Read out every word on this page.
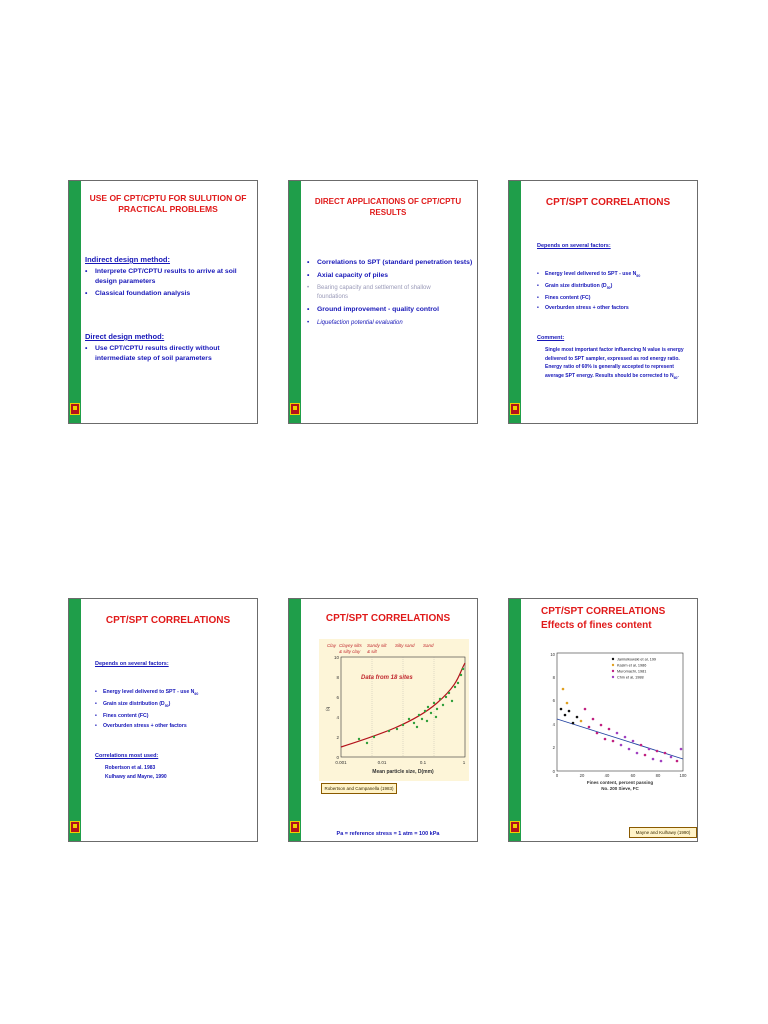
USE OF CPT/CPTU FOR SULUTION OF
PRACTICAL PROBLEMS
Indirect design method:
• Interprete CPT/CPTU results to arrive at soil
design parameters
• Classical foundation analysis
Direct design method:
• Use CPT/CPTU results directly without
intermediate step of soil parameters
DIRECT APPLICATIONS OF CPT/CPTU
RESULTS
• Correlations to SPT (standard penetration tests)
• Axial capacity of piles
• Bearing capacity and settlement of shallow
foundations
• Ground improvement - quality control
• Liquefaction potential evaluation
CPT/SPT CORRELATIONS
Depends on several factors:
• Energy level delivered to SPT - use $N_{60}$
• Grain size distribution $(D_{50})$
• Fines content (FC)
• Overburden stress + other factors
Comment:
Single most important factor influencing N value is energy
delivered to SPT sampler, expressed as rod energy ratio.
Energy ratio of 60% is generally accepted to represent
average SPT energy. Results should be corrected to $N_{60}$.
CPT/SPT CORRELATIONS
Depends on several factors:
• Energy level delivered to SPT - use $N_{60}$
• Grain size distribution $(D_{50})$
• Fines content (FC)
• Overburden stress + other factors
Correlations most used:
Robertson et al. 1983
Kulhawy and Mayne, 1990
CPT/SPT CORRELATIONS
Clay Clayey silts Sandy silt Silty sand Sand
& silty clay & silt
Data from 18 sites
0
2
4
6
8
10
0.001	0.01	0.1	1
(q
Mean particle size, D(mm)
Robertson and Campanella (1983)
Pa = reference stress = 1 atm = 100 kPa
CPT/SPT CORRELATIONS
Effects of fines content
Jamiolkowski et al, 199
Kasim et al, 1986
Muromachi, 1981
Chin et al, 1988
0
2
4
6
8
10
0	20	40	60	80	100
Fines content, percent passing
No. 200 Sieve, FC
Mayne and Kulhawy (1990)
